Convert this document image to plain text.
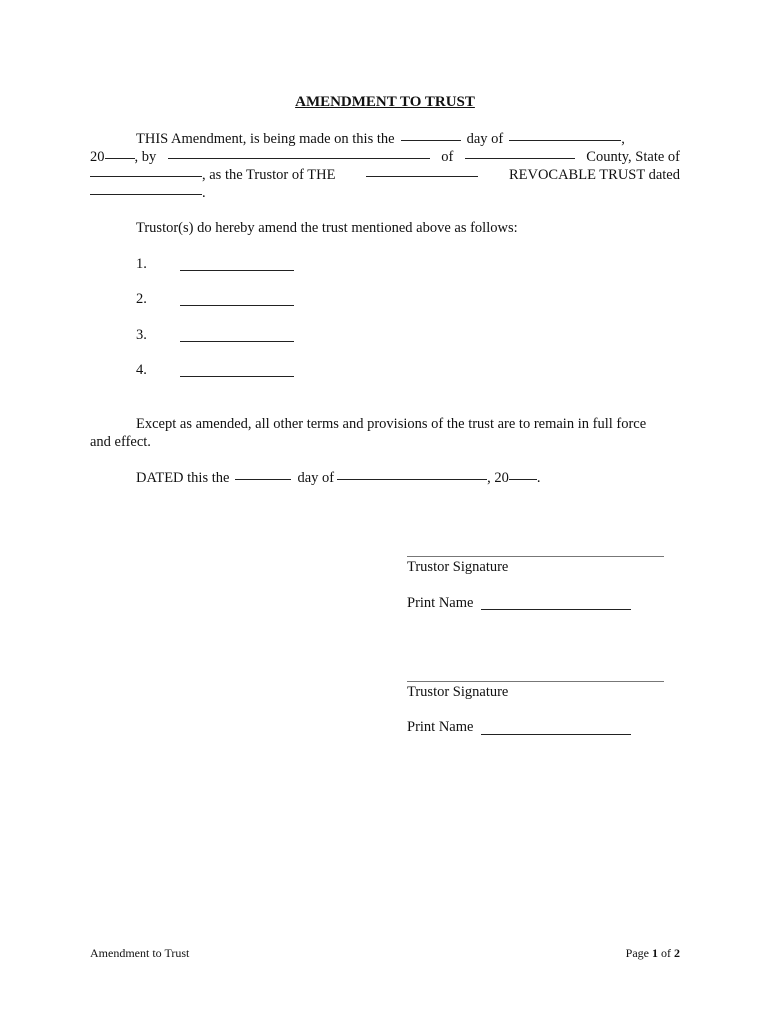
AMENDMENT TO TRUST
THIS Amendment, is being made on this the	day of	,
20 , by	of	County, State of
, as the Trustor of THE	REVOCABLE TRUST dated
.
Trustor(s) do hereby amend the trust mentioned above as follows:
1.
2.
3.
4.
Except as amended, all other terms and provisions of the trust are to remain in full force
and effect.
DATED this the	day of	, 20 .
Trustor Signature
Print Name
Trustor Signature
Print Name
Amendment to Trust	Page 1 of 2
